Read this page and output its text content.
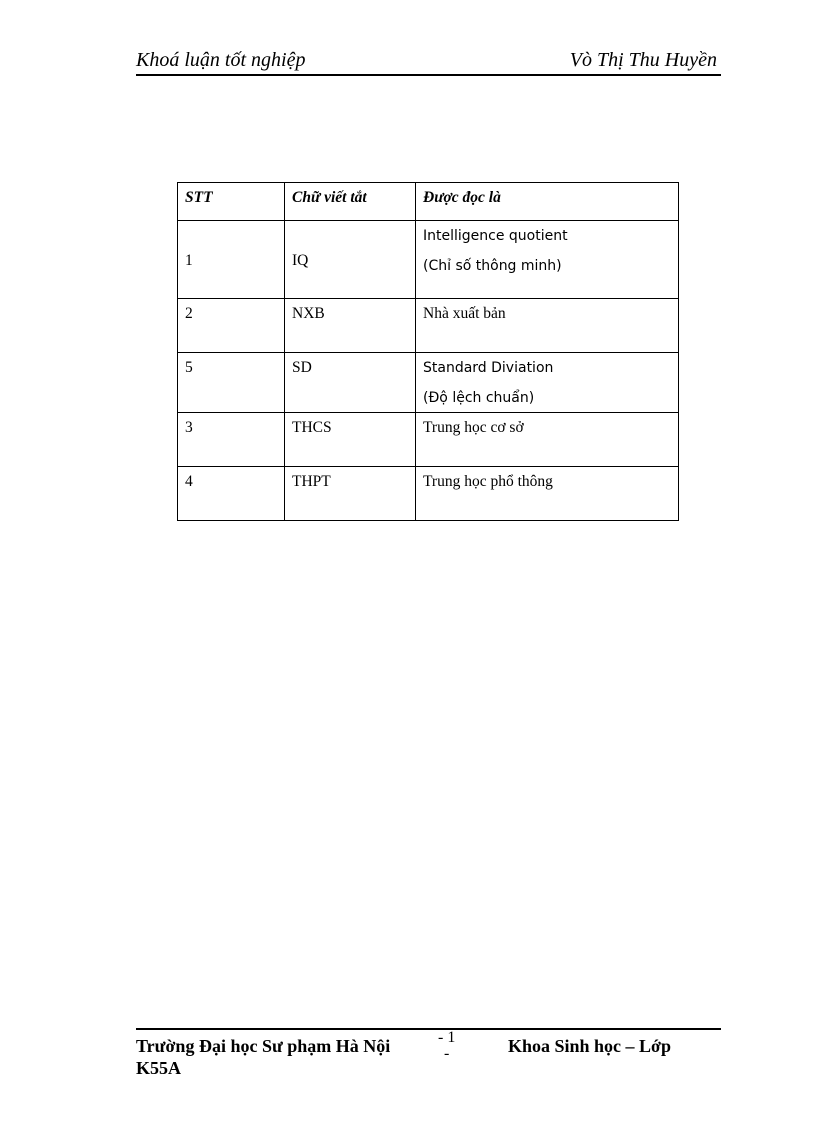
Khoá luận tốt nghiệp	Vò Thị Thu Huyền
STT	Chữ viết tắt	Được đọc là
1	IQ	Intelligence quotient
(Chỉ số thông minh)

2	NXB	Nhà xuất bản
5	SD	Standard Diviation
(Độ lệch chuẩn)

3	THCS	Trung học cơ sở
4	THPT	Trung học phổ thông
Trường Đại học Sư phạm Hà Nội
K55A
- 1
-	Khoa Sinh học – Lớp
